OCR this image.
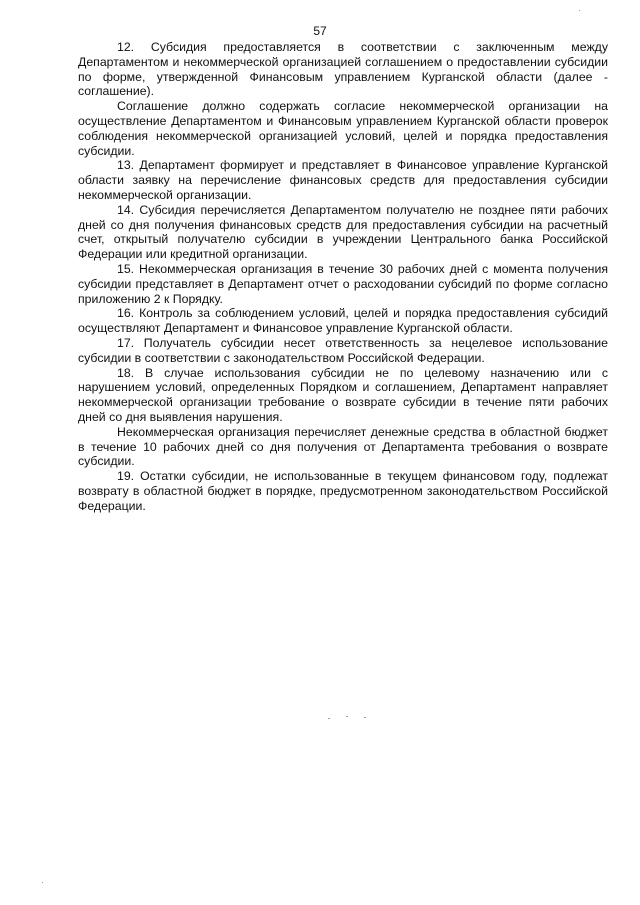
57

12. Субсидия предоставляется в соответствии с заключенным между Департаментом и некоммерческой организацией соглашением о предоставлении субсидии по форме, утвержденной Финансовым управлением Курганской области (далее - соглашение).

Соглашение должно содержать согласие некоммерческой организации на осуществление Департаментом и Финансовым управлением Курганской области проверок соблюдения некоммерческой организацией условий, целей и порядка предоставления субсидии.

13. Департамент формирует и представляет в Финансовое управление Курганской области заявку на перечисление финансовых средств для предоставления субсидии некоммерческой организации.

14. Субсидия перечисляется Департаментом получателю не позднее пяти рабочих дней со дня получения финансовых средств для предоставления субсидии на расчетный счет, открытый получателю субсидии в учреждении Центрального банка Российской Федерации или кредитной организации.

15. Некоммерческая организация в течение 30 рабочих дней с момента получения субсидии представляет в Департамент отчет о расходовании субсидий по форме согласно приложению 2 к Порядку.

16. Контроль за соблюдением условий, целей и порядка предоставления субсидий осуществляют Департамент и Финансовое управление Курганской области.

17. Получатель субсидии несет ответственность за нецелевое использование субсидии в соответствии с законодательством Российской Федерации.

18. В случае использования субсидии не по целевому назначению или с нарушением условий, определенных Порядком и соглашением, Департамент направляет некоммерческой организации требование о возврате субсидии в течение пяти рабочих дней со дня выявления нарушения.

Некоммерческая организация перечисляет денежные средства в областной бюджет в течение 10 рабочих дней со дня получения от Департамента требования о возврате субсидии.

19. Остатки субсидии, не использованные в текущем финансовом году, подлежат возврату в областной бюджет в порядке, предусмотренном законодательством Российской Федерации.
